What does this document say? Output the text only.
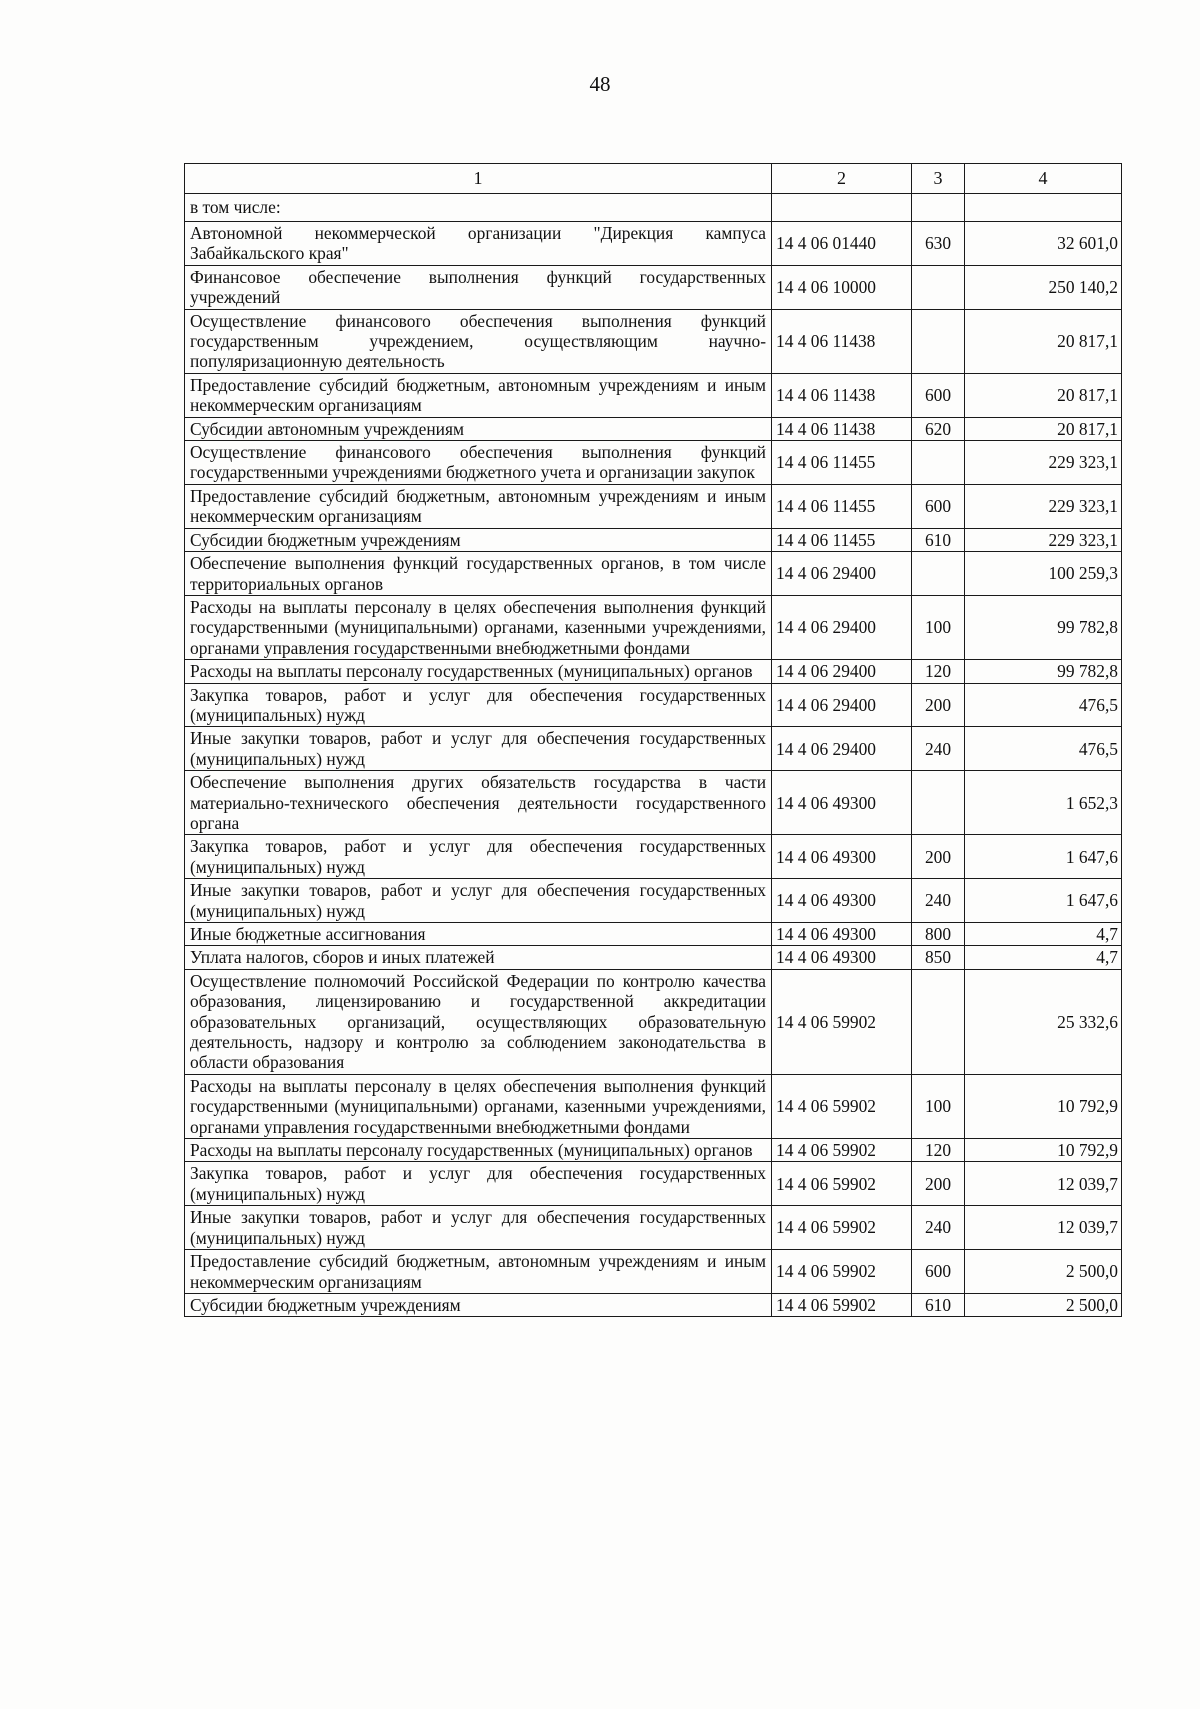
48
1	2	3	4
в том числе:			
Автономной некоммерческой организации "Дирекция кампуса Забайкальского края"	14 4 06 01440	630	32 601,0
Финансовое обеспечение выполнения функций государственных учреждений	14 4 06 10000		250 140,2
Осуществление финансового обеспечения выполнения функций государственным учреждением, осуществляющим научно-популяризационную деятельность	14 4 06 11438		20 817,1
Предоставление субсидий бюджетным, автономным учреждениям и иным некоммерческим организациям	14 4 06 11438	600	20 817,1
Субсидии автономным учреждениям	14 4 06 11438	620	20 817,1
Осуществление финансового обеспечения выполнения функций государственными учреждениями бюджетного учета и организации закупок	14 4 06 11455		229 323,1
Предоставление субсидий бюджетным, автономным учреждениям и иным некоммерческим организациям	14 4 06 11455	600	229 323,1
Субсидии бюджетным учреждениям	14 4 06 11455	610	229 323,1
Обеспечение выполнения функций государственных органов, в том числе территориальных органов	14 4 06 29400		100 259,3
Расходы на выплаты персоналу в целях обеспечения выполнения функций государственными (муниципальными) органами, казенными учреждениями, органами управления государственными внебюджетными фондами	14 4 06 29400	100	99 782,8
Расходы на выплаты персоналу государственных (муниципальных) органов	14 4 06 29400	120	99 782,8
Закупка товаров, работ и услуг для обеспечения государственных (муниципальных) нужд	14 4 06 29400	200	476,5
Иные закупки товаров, работ и услуг для обеспечения государственных (муниципальных) нужд	14 4 06 29400	240	476,5
Обеспечение выполнения других обязательств государства в части материально-технического обеспечения деятельности государственного органа	14 4 06 49300		1 652,3
Закупка товаров, работ и услуг для обеспечения государственных (муниципальных) нужд	14 4 06 49300	200	1 647,6
Иные закупки товаров, работ и услуг для обеспечения государственных (муниципальных) нужд	14 4 06 49300	240	1 647,6
Иные бюджетные ассигнования	14 4 06 49300	800	4,7
Уплата налогов, сборов и иных платежей	14 4 06 49300	850	4,7
Осуществление полномочий Российской Федерации по контролю качества образования, лицензированию и государственной аккредитации образовательных организаций, осуществляющих образовательную деятельность, надзору и контролю за соблюдением законодательства в области образования	14 4 06 59902		25 332,6
Расходы на выплаты персоналу в целях обеспечения выполнения функций государственными (муниципальными) органами, казенными учреждениями, органами управления государственными внебюджетными фондами	14 4 06 59902	100	10 792,9
Расходы на выплаты персоналу государственных (муниципальных) органов	14 4 06 59902	120	10 792,9
Закупка товаров, работ и услуг для обеспечения государственных (муниципальных) нужд	14 4 06 59902	200	12 039,7
Иные закупки товаров, работ и услуг для обеспечения государственных (муниципальных) нужд	14 4 06 59902	240	12 039,7
Предоставление субсидий бюджетным, автономным учреждениям и иным некоммерческим организациям	14 4 06 59902	600	2 500,0
Субсидии бюджетным учреждениям	14 4 06 59902	610	2 500,0
